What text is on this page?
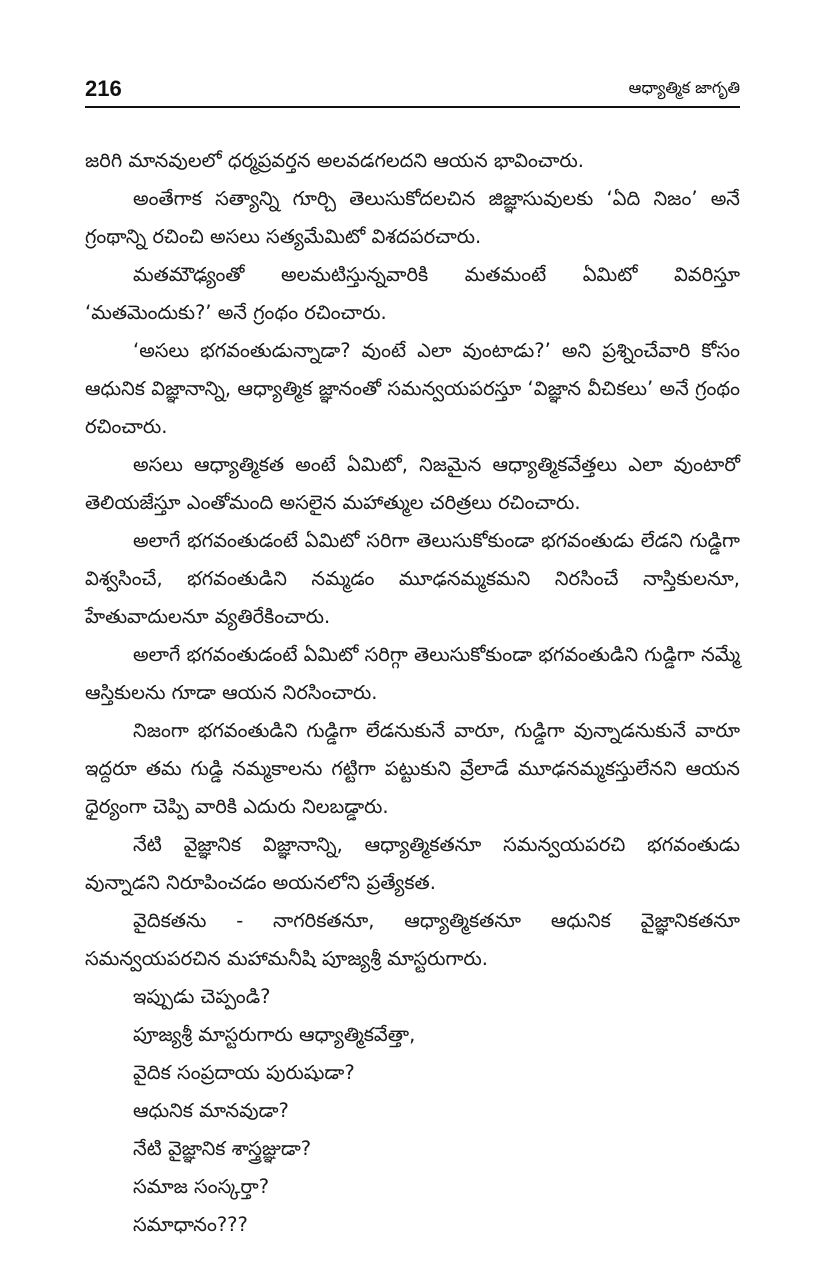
216	ఆధ్యాత్మిక జాగృతి

జరిగి మానవులలో ధర్మప్రవర్తన అలవడగలదని ఆయన భావించారు.

అంతేగాక సత్యాన్ని గూర్చి తెలుసుకోదలచిన జిజ్ఞాసువులకు ‘ఏది నిజం’ అనే గ్రంథాన్ని రచించి అసలు సత్యమేమిటో విశదపరచారు.

మతమౌఢ్యంతో అలమటిస్తున్నవారికి మతమంటే ఏమిటో వివరిస్తూ ‘మతమెందుకు?’ అనే గ్రంథం రచించారు.

‘అసలు భగవంతుడున్నాడా? వుంటే ఎలా వుంటాడు?’ అని ప్రశ్నించేవారి కోసం ఆధునిక విజ్ఞానాన్ని, ఆధ్యాత్మిక జ్ఞానంతో సమన్వయపరస్తూ ‘విజ్ఞాన వీచికలు’ అనే గ్రంథం రచించారు.

అసలు ఆధ్యాత్మికత అంటే ఏమిటో, నిజమైన ఆధ్యాత్మికవేత్తలు ఎలా వుంటారో తెలియజేస్తూ ఎంతోమంది అసలైన మహాత్ముల చరిత్రలు రచించారు.

అలాగే భగవంతుడంటే ఏమిటో సరిగా తెలుసుకోకుండా భగవంతుడు లేడని గుడ్డిగా విశ్వసించే, భగవంతుడిని నమ్మడం మూఢనమ్మకమని నిరసించే నాస్తికులనూ, హేతువాదులనూ వ్యతిరేకించారు.

అలాగే భగవంతుడంటే ఏమిటో సరిగ్గా తెలుసుకోకుండా భగవంతుడిని గుడ్డిగా నమ్మే ఆస్తికులను గూడా ఆయన నిరసించారు.

నిజంగా భగవంతుడిని గుడ్డిగా లేడనుకునే వారూ, గుడ్డిగా వున్నాడనుకునే వారూ ఇద్దరూ తమ గుడ్డి నమ్మకాలను గట్టిగా పట్టుకుని వ్రేలాడే మూఢనమ్మకస్తులేనని ఆయన ధైర్యంగా చెప్పి వారికి ఎదురు నిలబడ్డారు.

నేటి వైజ్ఞానిక విజ్ఞానాన్ని, ఆధ్యాత్మికతనూ సమన్వయపరచి భగవంతుడు వున్నాడని నిరూపించడం అయనలోని ప్రత్యేకత.

వైదికతను - నాగరికతనూ, ఆధ్యాత్మికతనూ ఆధునిక వైజ్ఞానికతనూ సమన్వయపరచిన మహామనీషి పూజ్యశ్రీ మాస్టరుగారు.

ఇప్పుడు చెప్పండి?

పూజ్యశ్రీ మాస్టరుగారు ఆధ్యాత్మికవేత్తా,

వైదిక సంప్రదాయ పురుషుడా?

ఆధునిక మానవుడా?

నేటి వైజ్ఞానిక శాస్త్రజ్ఞుడా?

సమాజ సంస్కర్తా?

సమాధానం???
